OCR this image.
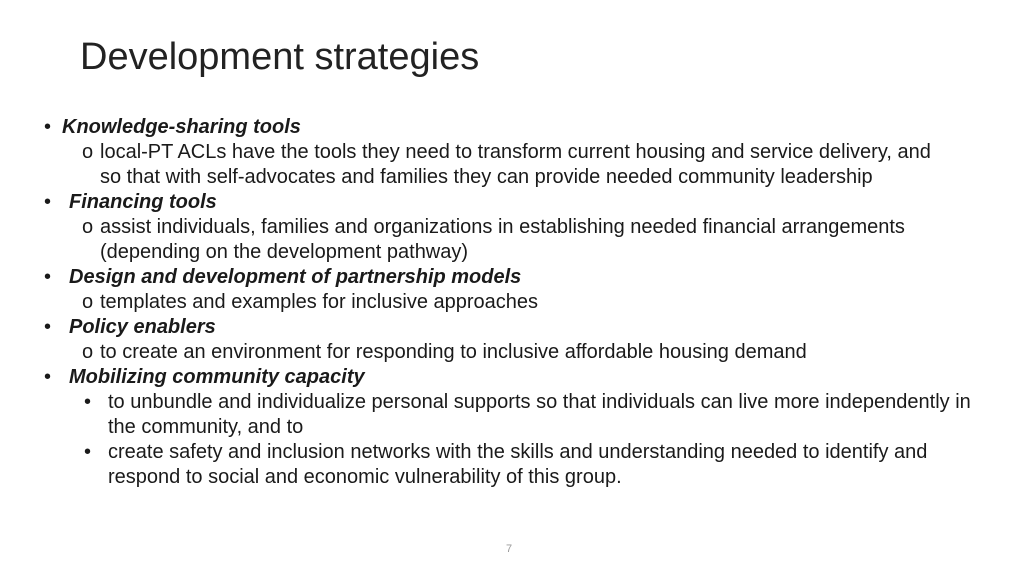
Development strategies
• Knowledge-sharing tools
o local-PT ACLs have the tools they need to transform current housing and service delivery, and so that with self-advocates and families they can provide needed community leadership
• Financing tools
o assist individuals, families and organizations in establishing needed financial arrangements (depending on the development pathway)
• Design and development of partnership models
o templates and examples for inclusive approaches
• Policy enablers
o to create an environment for responding to inclusive affordable housing demand
• Mobilizing community capacity
• to unbundle and individualize personal supports so that individuals can live more independently in the community, and to
• create safety and inclusion networks with the skills and understanding needed to identify and respond to social and economic vulnerability of this group.
7
